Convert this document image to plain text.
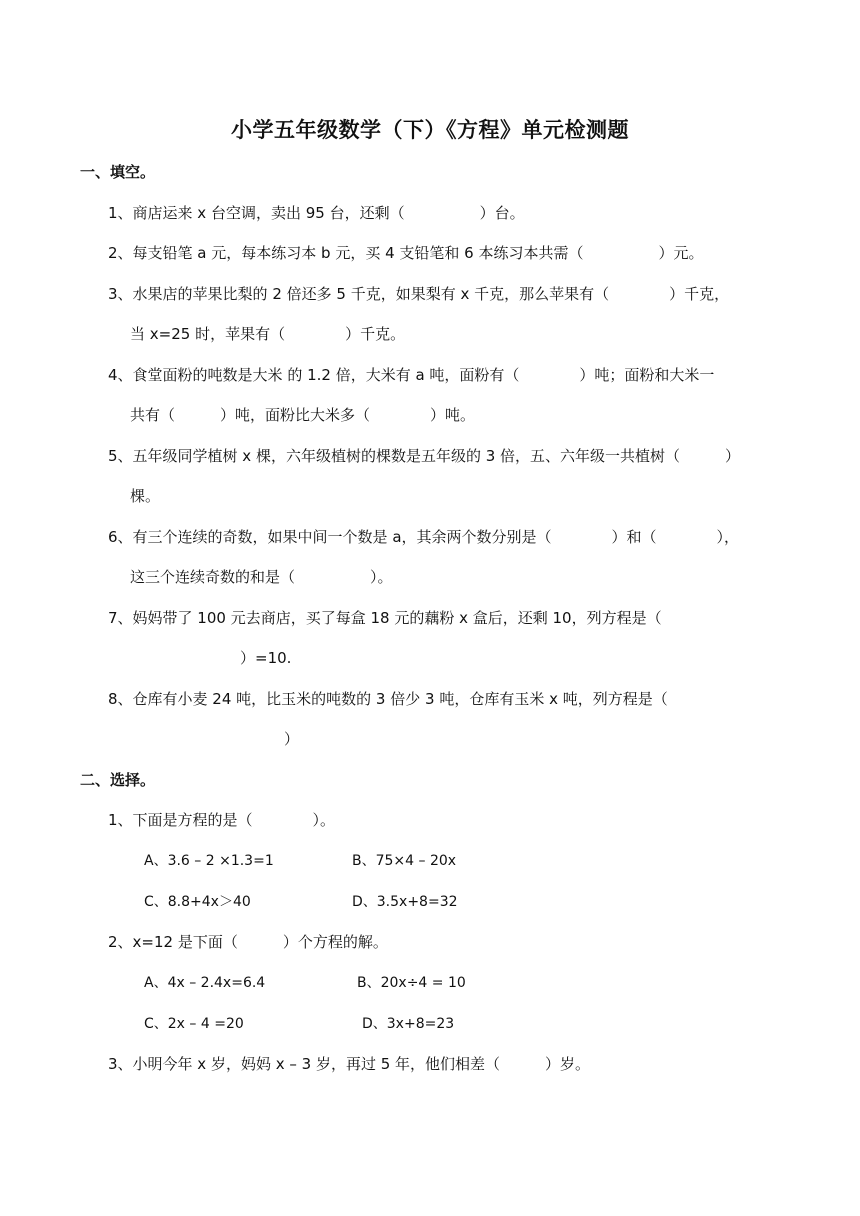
小学五年级数学（下）《方程》单元检测题
一、填空。
1、商店运来 x 台空调，卖出 95 台，还剩（　　　　　）台。
2、每支铅笔 a 元，每本练习本 b 元，买 4 支铅笔和 6 本练习本共需（　　　　　）元。
3、水果店的苹果比梨的 2 倍还多 5 千克，如果梨有 x 千克，那么苹果有（　　　　）千克，
当 x=25 时，苹果有（　　　　）千克。
4、食堂面粉的吨数是大米 的 1.2 倍，大米有 a 吨，面粉有（　　　　）吨；面粉和大米一
共有（　　　）吨，面粉比大米多（　　　　）吨。
5、五年级同学植树 x 棵，六年级植树的棵数是五年级的 3 倍，五、六年级一共植树（　　　）
棵。
6、有三个连续的奇数，如果中间一个数是 a，其余两个数分别是（　　　　）和（　　　　），
这三个连续奇数的和是（　　　　　）。
7、妈妈带了 100 元去商店，买了每盒 18 元的藕粉 x 盒后，还剩 10，列方程是（
）=10.
8、仓库有小麦 24 吨，比玉米的吨数的 3 倍少 3 吨，仓库有玉米 x 吨，列方程是（
）
二、选择。
1、下面是方程的是（　　　　）。
A、3.6 – 2 ×1.3=1	B、75×4 – 20x
C、8.8+4x＞40	D、3.5x+8=32
2、x=12 是下面（　　　）个方程的解。
A、4x – 2.4x=6.4	B、20x÷4 = 10
C、2x – 4 =20	D、3x+8=23
3、小明今年 x 岁，妈妈 x – 3 岁，再过 5 年，他们相差（　　　）岁。
